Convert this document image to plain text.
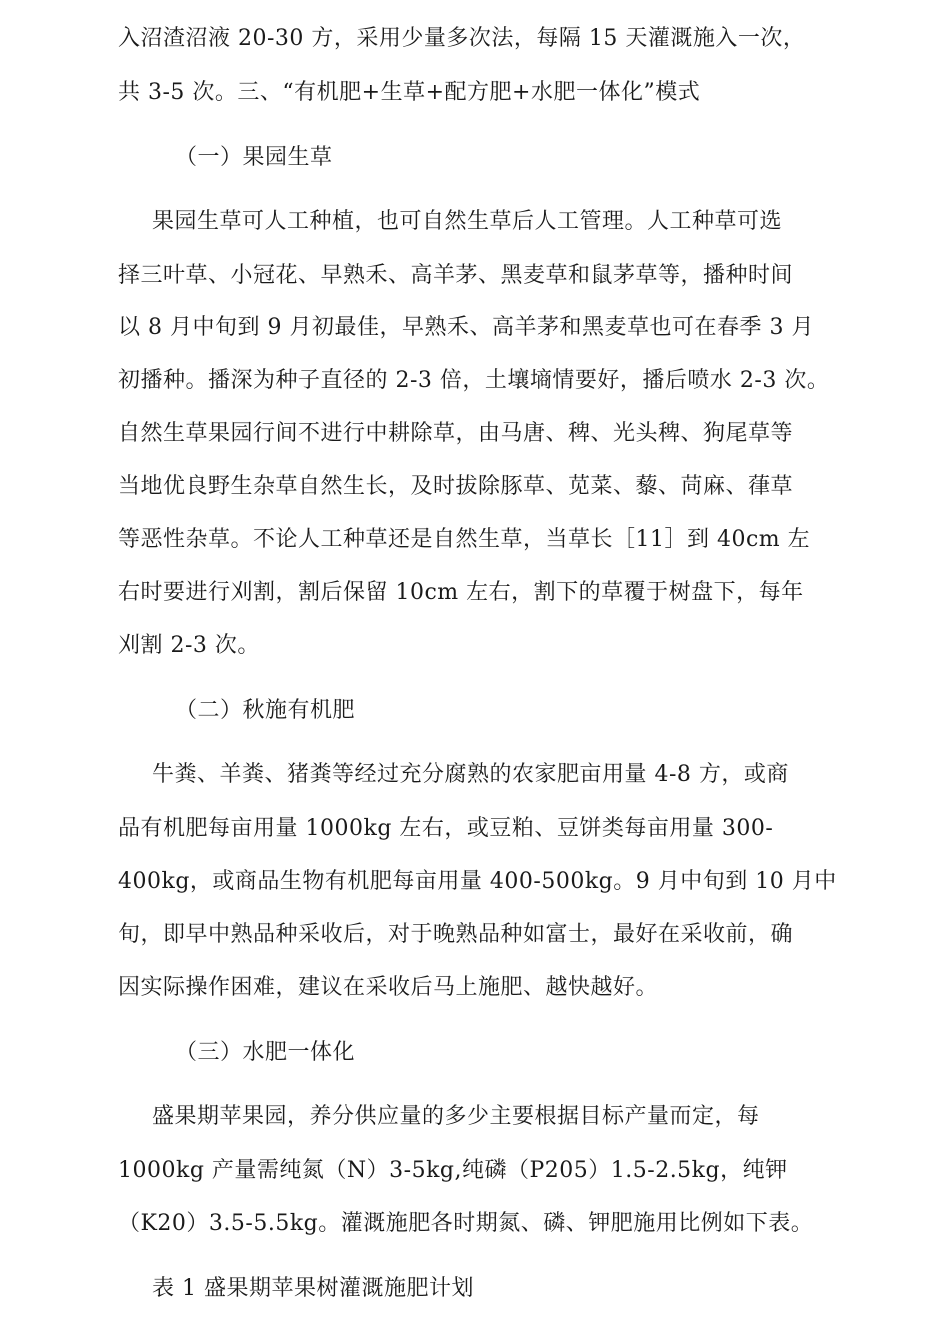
入沼渣沼液 20-30 方，采用少量多次法，每隔 15 天灌溉施入一次，
共 3-5 次。三、“有机肥+生草+配方肥+水肥一体化”模式
（一）果园生草
果园生草可人工种植，也可自然生草后人工管理。人工种草可选
择三叶草、小冠花、早熟禾、高羊茅、黑麦草和鼠茅草等，播种时间
以 8 月中旬到 9 月初最佳，早熟禾、高羊茅和黑麦草也可在春季 3 月
初播种。播深为种子直径的 2-3 倍，土壤墒情要好，播后喷水 2-3 次。
自然生草果园行间不进行中耕除草，由马唐、稗、光头稗、狗尾草等
当地优良野生杂草自然生长，及时拔除豚草、苋菜、藜、苘麻、葎草
等恶性杂草。不论人工种草还是自然生草，当草长［11］到 40cm 左
右时要进行刈割，割后保留 10cm 左右，割下的草覆于树盘下，每年
刈割 2-3 次。
（二）秋施有机肥
牛粪、羊粪、猪粪等经过充分腐熟的农家肥亩用量 4-8 方，或商
品有机肥每亩用量 1000kg 左右，或豆粕、豆饼类每亩用量 300-
400kg，或商品生物有机肥每亩用量 400-500kg。9 月中旬到 10 月中
旬，即早中熟品种采收后，对于晚熟品种如富士，最好在采收前，确
因实际操作困难，建议在采收后马上施肥、越快越好。
（三）水肥一体化
盛果期苹果园，养分供应量的多少主要根据目标产量而定，每
1000kg 产量需纯氮（N）3-5kg,纯磷（P205）1.5-2.5kg，纯钾
（K20）3.5-5.5kg。灌溉施肥各时期氮、磷、钾肥施用比例如下表。
表 1 盛果期苹果树灌溉施肥计划
